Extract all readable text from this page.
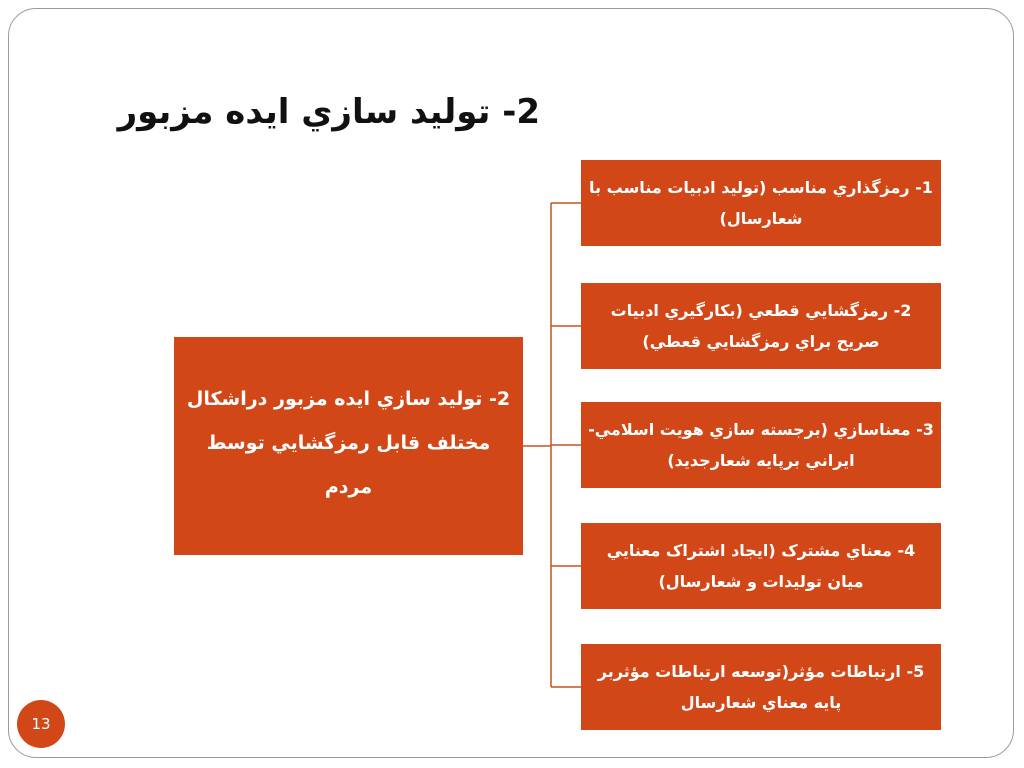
2- توليد سازي ايده مزبور
2- توليد سازي ايده مزبور دراشكال مختلف قابل رمزگشايي توسط مردم
1- رمزگذاري مناسب (توليد ادبيات مناسب با شعارسال)
2- رمزگشايي قطعي (بكارگيري ادبيات صريح براي رمزگشايي قعطي)
3- معناسازي (برجسته سازي هويت اسلامي- ايراني برپايه شعارجديد)
4- معناي مشترک (ايجاد اشتراک معنايي ميان توليدات و شعارسال)
5- ارتباطات مؤثر(توسعه ارتباطات مؤثربر پايه معناي شعارسال
13
